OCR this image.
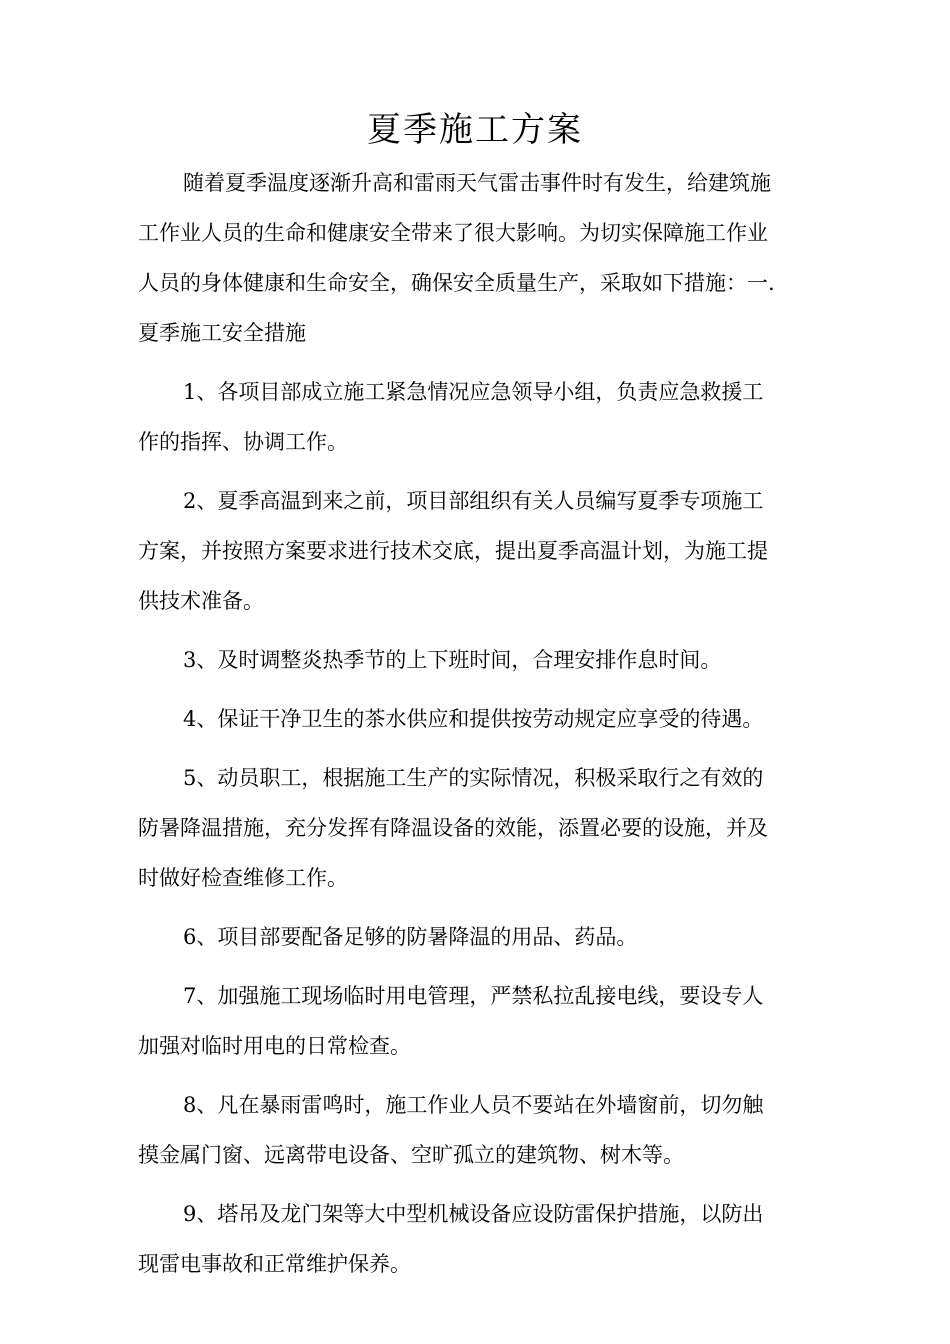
夏季施工方案
随着夏季温度逐渐升高和雷雨天气雷击事件时有发生，给建筑施
工作业人员的生命和健康安全带来了很大影响。为切实保障施工作业
人员的身体健康和生命安全，确保安全质量生产，采取如下措施：一.
夏季施工安全措施
1、各项目部成立施工紧急情况应急领导小组，负责应急救援工
作的指挥、协调工作。
2、夏季高温到来之前，项目部组织有关人员编写夏季专项施工
方案，并按照方案要求进行技术交底，提出夏季高温计划，为施工提
供技术准备。
3、及时调整炎热季节的上下班时间，合理安排作息时间。
4、保证干净卫生的茶水供应和提供按劳动规定应享受的待遇。
5、动员职工，根据施工生产的实际情况，积极采取行之有效的
防暑降温措施，充分发挥有降温设备的效能，添置必要的设施，并及
时做好检查维修工作。
6、项目部要配备足够的防暑降温的用品、药品。
7、加强施工现场临时用电管理，严禁私拉乱接电线，要设专人
加强对临时用电的日常检查。
8、凡在暴雨雷鸣时，施工作业人员不要站在外墙窗前，切勿触
摸金属门窗、远离带电设备、空旷孤立的建筑物、树木等。
9、塔吊及龙门架等大中型机械设备应设防雷保护措施，以防出
现雷电事故和正常维护保养。
